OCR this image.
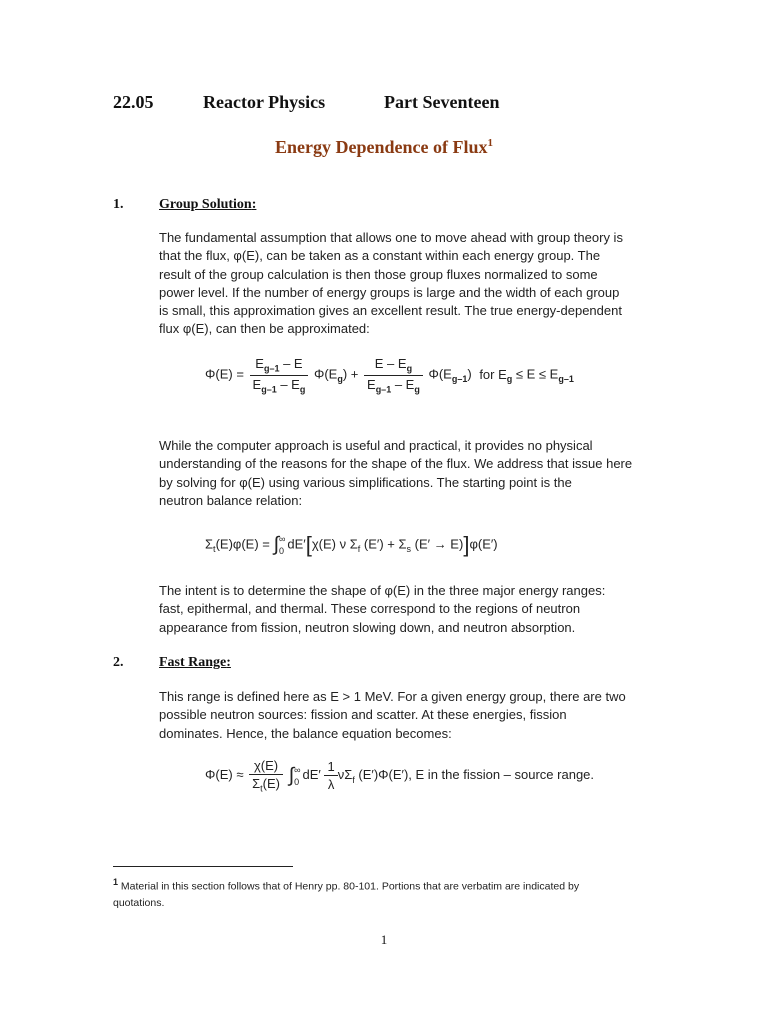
22.05	Reactor Physics	Part Seventeen
Energy Dependence of Flux$^1$
1.	Group Solution:
The fundamental assumption that allows one to move ahead with group theory is
that the flux, φ(E), can be taken as a constant within each energy group. The
result of the group calculation is then those group fluxes normalized to some
power level. If the number of energy groups is large and the width of each group
is small, this approximation gives an excellent result. The true energy-dependent
flux φ(E), can then be approximated:
$\Phi(E) = \frac{E_{g-1} - E}{E_{g-1} - E_g} \Phi(E_g) + \frac{E - E_g}{E_{g-1} - E_g} \Phi(E_{g-1})$ for $E_g \le E \le E_{g-1}$
While the computer approach is useful and practical, it provides no physical
understanding of the reasons for the shape of the flux. We address that issue here
by solving for φ(E) using various simplifications. The starting point is the
neutron balance relation:
$\Sigma_t(E)\varphi(E)$ = ∫ ∞
0 dE′[χ(E) ν $\Sigma_f$ $(E') + \Sigma_s$ (E′ → E)]φ(E′)
The intent is to determine the shape of φ(E) in the three major energy ranges:
fast, epithermal, and thermal. These correspond to the regions of neutron
appearance from fission, neutron slowing down, and neutron absorption.
2.	Fast Range:
This range is defined here as E > 1 MeV. For a given energy group, there are two
possible neutron sources: fission and scatter. At these energies, fission
dominates. Hence, the balance equation becomes:
$\Phi(E) \approx \frac{\chi(E)}{\Sigma_t(E)}$ ∫ ∞
0 $dE' \frac{1}{\lambda} \nu\Sigma_f$ (E′)Φ(E′), E in the fission – source range.
$^1$ Material in this section follows that of Henry pp. 80-101. Portions that are verbatim are indicated by
quotations.
1
